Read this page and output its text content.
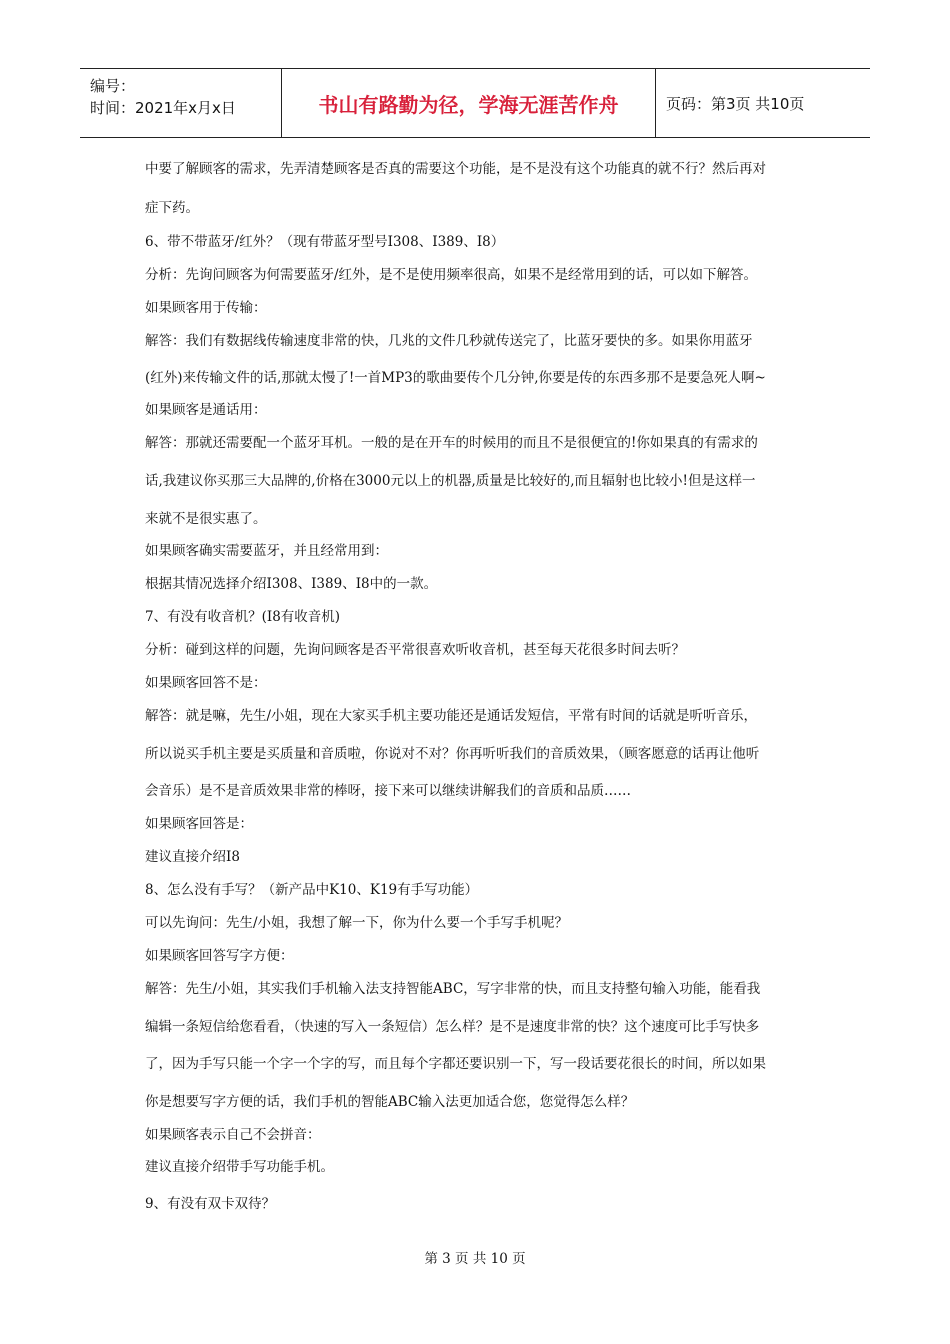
编号：
时间：2021年x月x日	书山有路勤为径，学海无涯苦作舟	页码：第3页 共10页
中要了解顾客的需求，先弄清楚顾客是否真的需要这个功能，是不是没有这个功能真的就不行？然后再对
症下药。
6、带不带蓝牙/红外？（现有带蓝牙型号I308、I389、I8）
分析：先询问顾客为何需要蓝牙/红外，是不是使用频率很高，如果不是经常用到的话，可以如下解答。
如果顾客用于传输：
解答：我们有数据线传输速度非常的快，几兆的文件几秒就传送完了，比蓝牙要快的多。如果你用蓝牙
(红外)来传输文件的话,那就太慢了!一首MP3的歌曲要传个几分钟,你要是传的东西多那不是要急死人啊~
如果顾客是通话用：
解答：那就还需要配一个蓝牙耳机。一般的是在开车的时候用的而且不是很便宜的!你如果真的有需求的
话,我建议你买那三大品牌的,价格在3000元以上的机器,质量是比较好的,而且辐射也比较小!但是这样一
来就不是很实惠了。
如果顾客确实需要蓝牙，并且经常用到：
根据其情况选择介绍I308、I389、I8中的一款。
7、有没有收音机？(I8有收音机)
分析：碰到这样的问题，先询问顾客是否平常很喜欢听收音机，甚至每天花很多时间去听？
如果顾客回答不是：
解答：就是嘛，先生/小姐，现在大家买手机主要功能还是通话发短信，平常有时间的话就是听听音乐，
所以说买手机主要是买质量和音质啦，你说对不对？你再听听我们的音质效果，（顾客愿意的话再让他听
会音乐）是不是音质效果非常的棒呀，接下来可以继续讲解我们的音质和品质……
如果顾客回答是：
建议直接介绍I8
8、怎么没有手写？（新产品中K10、K19有手写功能）
可以先询问：先生/小姐，我想了解一下，你为什么要一个手写手机呢？
如果顾客回答写字方便：
解答：先生/小姐，其实我们手机输入法支持智能ABC，写字非常的快，而且支持整句输入功能，能看我
编辑一条短信给您看看，（快速的写入一条短信）怎么样？是不是速度非常的快？这个速度可比手写快多
了，因为手写只能一个字一个字的写，而且每个字都还要识别一下，写一段话要花很长的时间，所以如果
你是想要写字方便的话，我们手机的智能ABC输入法更加适合您，您觉得怎么样？
如果顾客表示自己不会拼音：
建议直接介绍带手写功能手机。
9、有没有双卡双待？
第 3 页 共 10 页
